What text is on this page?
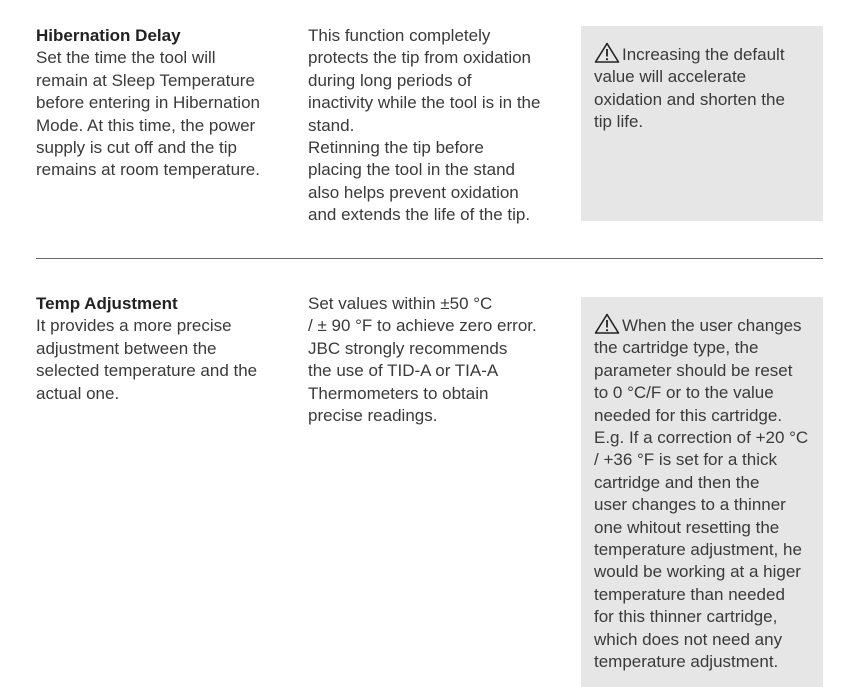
Hibernation Delay
Set the time the tool will
remain at Sleep Temperature
before entering in Hibernation
Mode. At this time, the power
supply is cut off and the tip
remains at room temperature.
This function completely
protects the tip from oxidation
during long periods of
inactivity while the tool is in the
stand.
Retinning the tip before
placing the tool in the stand
also helps prevent oxidation
and extends the life of the tip.
Increasing the default
value will accelerate
oxidation and shorten the
tip life.
Temp Adjustment
It provides a more precise
adjustment between the
selected temperature and the
actual one.
Set values within ±50 °C
/ ± 90 °F to achieve zero error.
JBC strongly recommends
the use of TID-A or TIA-A
Thermometers to obtain
precise readings.
When the user changes
the cartridge type, the
parameter should be reset
to 0 °C/F or to the value
needed for this cartridge.
E.g. If a correction of +20 °C
/ +36 °F is set for a thick
cartridge and then the
user changes to a thinner
one whitout resetting the
temperature adjustment, he
would be working at a higer
temperature than needed
for this thinner cartridge,
which does not need any
temperature adjustment.
